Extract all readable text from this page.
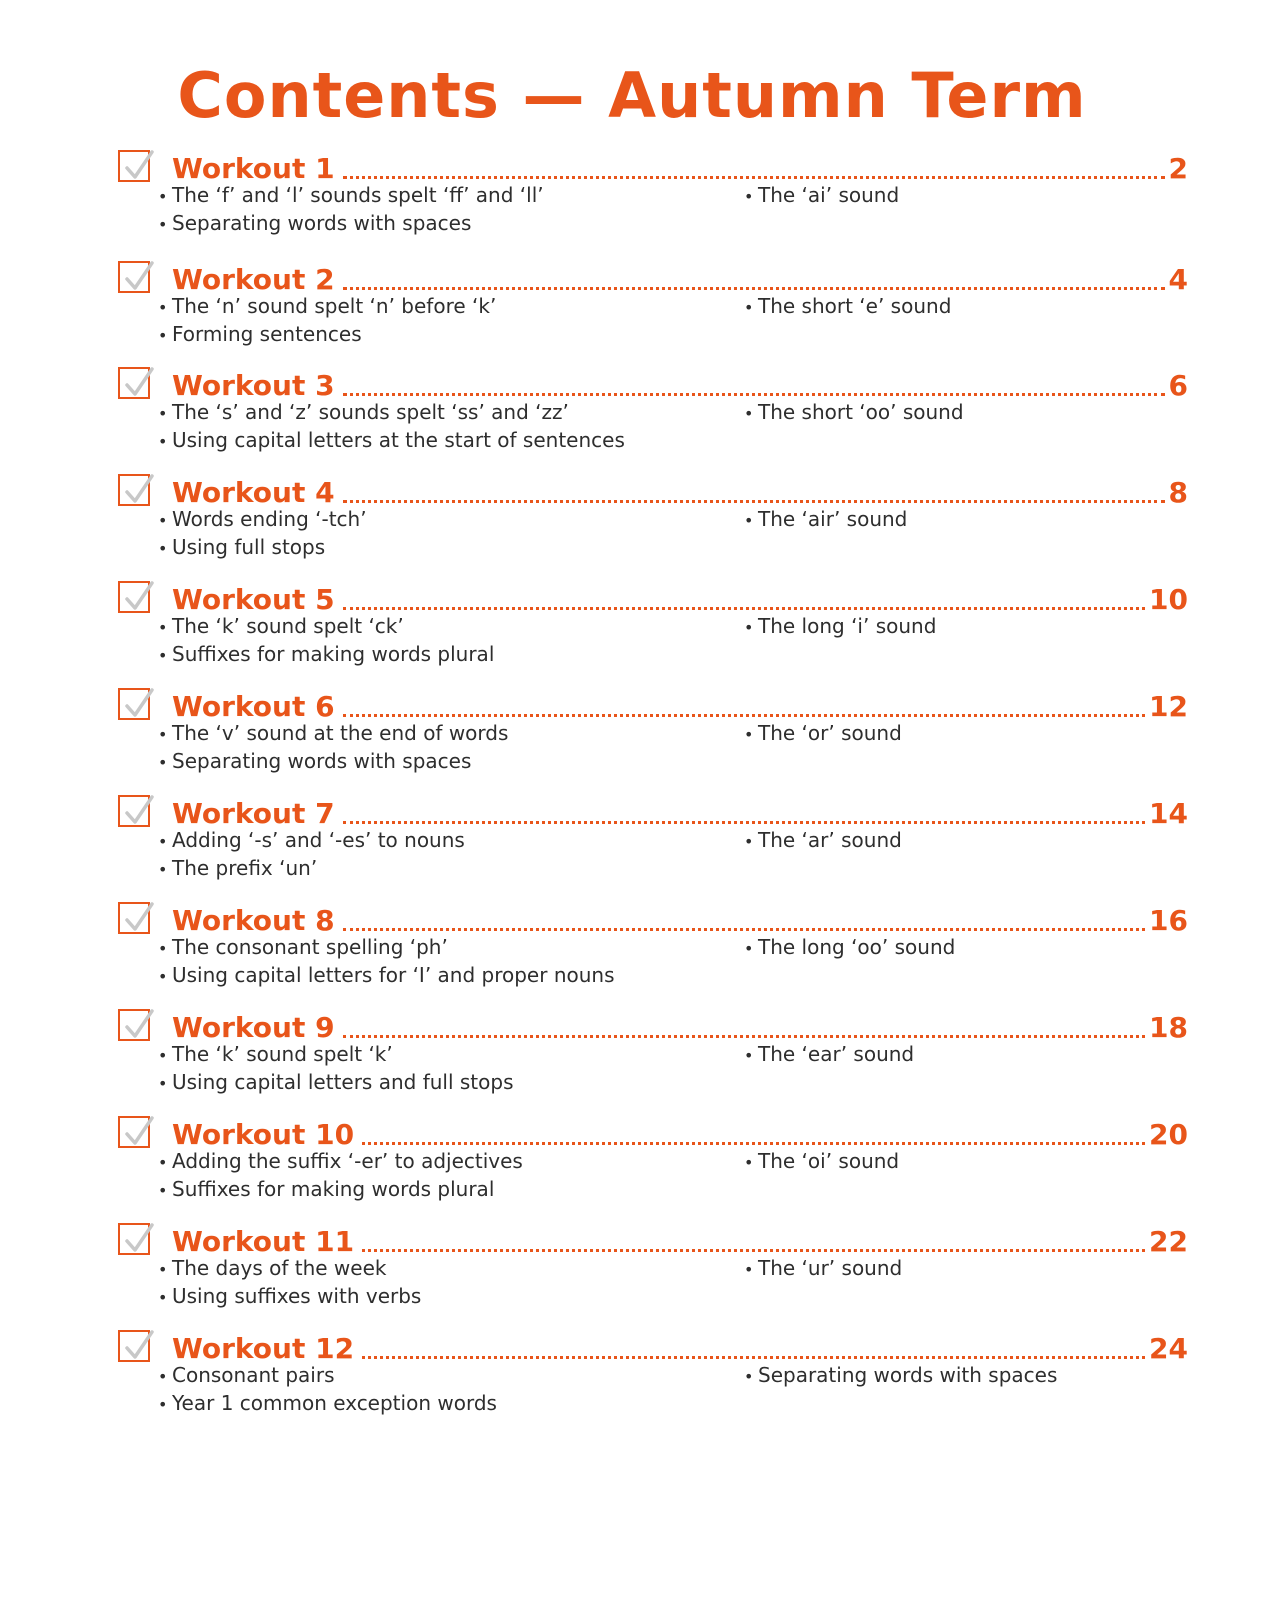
Contents — Autumn Term
Workout 1	2
• The ‘f’ and ‘l’ sounds spelt ‘ff’ and ‘ll’
• Separating words with spaces
• The ‘ai’ sound
Workout 2	4
• The ‘n’ sound spelt ‘n’ before ‘k’
• Forming sentences
• The short ‘e’ sound
Workout 3	6
• The ‘s’ and ‘z’ sounds spelt ‘ss’ and ‘zz’
• Using capital letters at the start of sentences
• The short ‘oo’ sound
Workout 4	8
• Words ending ‘-tch’
• Using full stops
• The ‘air’ sound
Workout 5	10
• The ‘k’ sound spelt ‘ck’
• Suffixes for making words plural
• The long ‘i’ sound
Workout 6	12
• The ‘v’ sound at the end of words
• Separating words with spaces
• The ‘or’ sound
Workout 7	14
• Adding ‘-s’ and ‘-es’ to nouns
• The prefix ‘un’
• The ‘ar’ sound
Workout 8	16
• The consonant spelling ‘ph’
• Using capital letters for ‘I’ and proper nouns
• The long ‘oo’ sound
Workout 9	18
• The ‘k’ sound spelt ‘k’
• Using capital letters and full stops
• The ‘ear’ sound
Workout 10	20
• Adding the suffix ‘-er’ to adjectives
• Suffixes for making words plural
• The ‘oi’ sound
Workout 11	22
• The days of the week
• Using suffixes with verbs
• The ‘ur’ sound
Workout 12	24
• Consonant pairs
• Year 1 common exception words
• Separating words with spaces
